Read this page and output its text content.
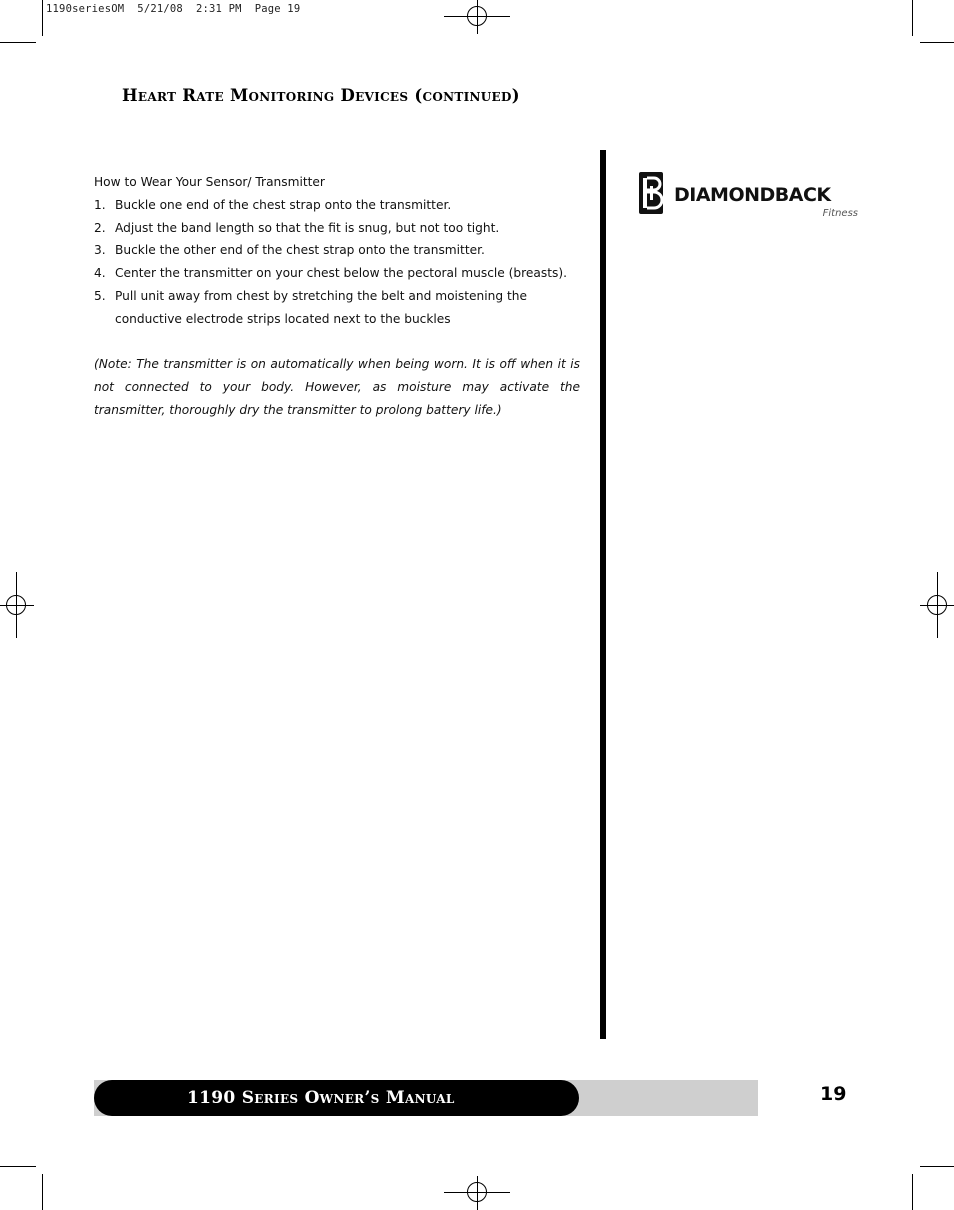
1190seriesOM  5/21/08  2:31 PM  Page 19
Heart Rate Monitoring Devices (continued)

How to Wear Your Sensor/ Transmitter

1. Buckle one end of the chest strap onto the transmitter.
2. Adjust the band length so that the fit is snug, but not too tight.
3. Buckle the other end of the chest strap onto the transmitter.
4. Center the transmitter on your chest below the pectoral muscle (breasts).
5. Pull unit away from chest by stretching the belt and moistening the conductive electrode strips located next to the buckles

(Note: The transmitter is on automatically when being worn. It is off when it is not connected to your body. However, as moisture may activate the transmitter, thoroughly dry the transmitter to prolong battery life.)

DIAMONDBACK
Fitness
1190 Series Owner’s Manual	19
